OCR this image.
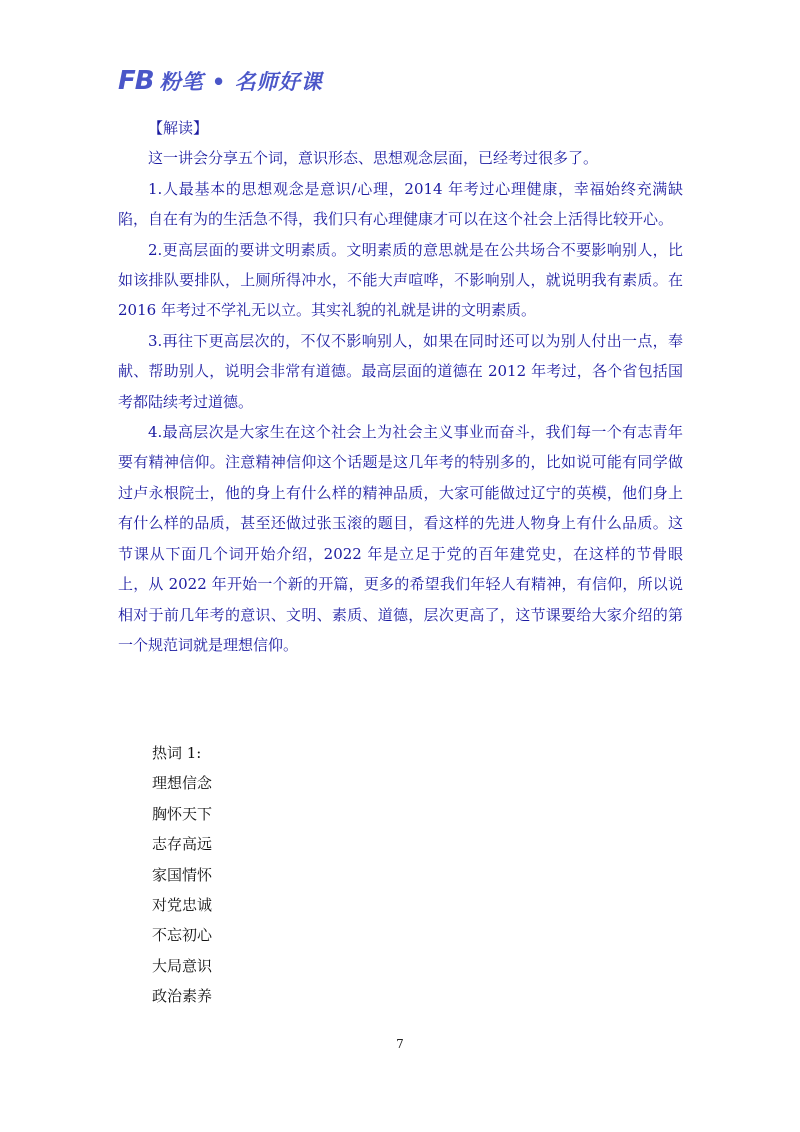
FB 粉笔 • 名师好课

【解读】

这一讲会分享五个词，意识形态、思想观念层面，已经考过很多了。

1.人最基本的思想观念是意识/心理，2014 年考过心理健康，幸福始终充满缺陷，自在有为的生活急不得，我们只有心理健康才可以在这个社会上活得比较开心。

2.更高层面的要讲文明素质。文明素质的意思就是在公共场合不要影响别人，比如该排队要排队，上厕所得冲水，不能大声喧哗，不影响别人，就说明我有素质。在 2016 年考过不学礼无以立。其实礼貌的礼就是讲的文明素质。

3.再往下更高层次的，不仅不影响别人，如果在同时还可以为别人付出一点，奉献、帮助别人，说明会非常有道德。最高层面的道德在 2012 年考过，各个省包括国考都陆续考过道德。

4.最高层次是大家生在这个社会上为社会主义事业而奋斗，我们每一个有志青年要有精神信仰。注意精神信仰这个话题是这几年考的特别多的，比如说可能有同学做过卢永根院士，他的身上有什么样的精神品质，大家可能做过辽宁的英模，他们身上有什么样的品质，甚至还做过张玉滚的题目，看这样的先进人物身上有什么品质。这节课从下面几个词开始介绍，2022 年是立足于党的百年建党史，在这样的节骨眼上，从 2022 年开始一个新的开篇，更多的希望我们年轻人有精神，有信仰，所以说相对于前几年考的意识、文明、素质、道德，层次更高了，这节课要给大家介绍的第一个规范词就是理想信仰。

热词 1:
理想信念
胸怀天下
志存高远
家国情怀
对党忠诚
不忘初心
大局意识
政治素养
7
